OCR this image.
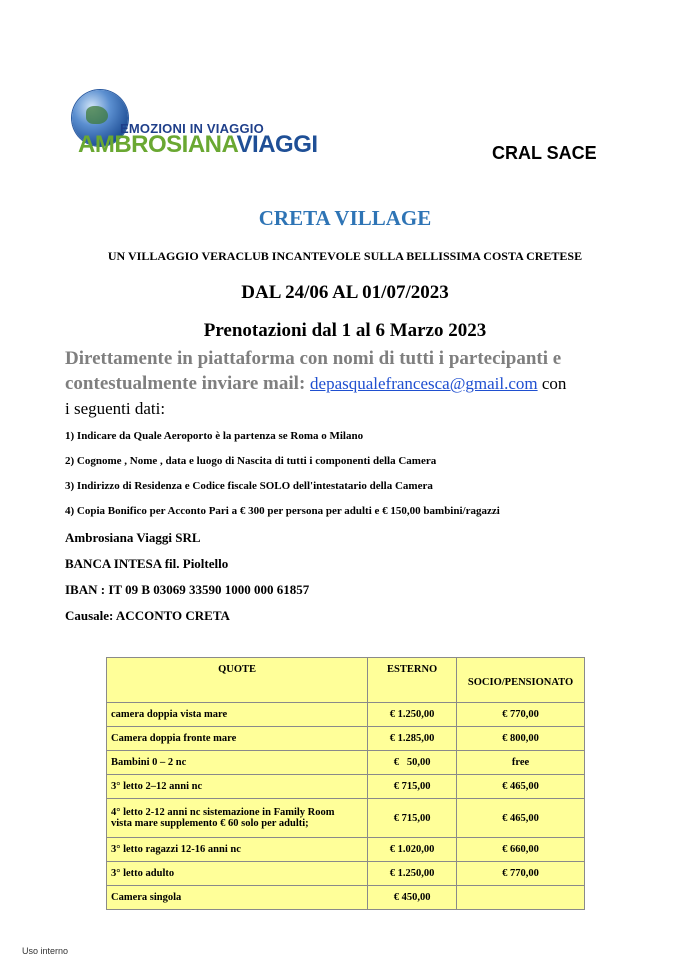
EMOZIONI IN VIAGGIO
AMBROSIANAVIAGGI	CRAL SACE
CRETA VILLAGE
UN VILLAGGIO VERACLUB INCANTEVOLE SULLA BELLISSIMA COSTA CRETESE
DAL 24/06 AL 01/07/2023
Prenotazioni dal 1 al 6 Marzo 2023
Direttamente in piattaforma con nomi di tutti i partecipanti e
contestualmente inviare mail: depasqualefrancesca@gmail.com con
i seguenti dati:
1) Indicare da Quale Aeroporto è la partenza se Roma o Milano
2) Cognome , Nome , data e luogo di Nascita di tutti i componenti della Camera
3) Indirizzo di Residenza e Codice fiscale SOLO dell'intestatario della Camera
4) Copia Bonifico per Acconto Pari a € 300 per persona per adulti e € 150,00 bambini/ragazzi
Ambrosiana Viaggi SRL
BANCA INTESA fil. Pioltello
IBAN : IT 09 B 03069 33590 1000 000 61857
Causale: ACCONTO CRETA
QUOTE	ESTERNO	SOCIO/PENSIONATO
camera doppia vista mare	€ 1.250,00	€ 770,00
Camera doppia fronte mare	€ 1.285,00	€ 800,00
Bambini 0 – 2 nc	€   50,00	free
3° letto 2–12 anni nc	€ 715,00	€ 465,00
4° letto 2-12 anni nc sistemazione in Family Room
vista mare supplemento € 60 solo per adulti;	€ 715,00	€ 465,00
3° letto ragazzi 12-16 anni nc	€ 1.020,00	€ 660,00
3° letto adulto	€ 1.250,00	€ 770,00
Camera singola	€ 450,00	
Uso interno
